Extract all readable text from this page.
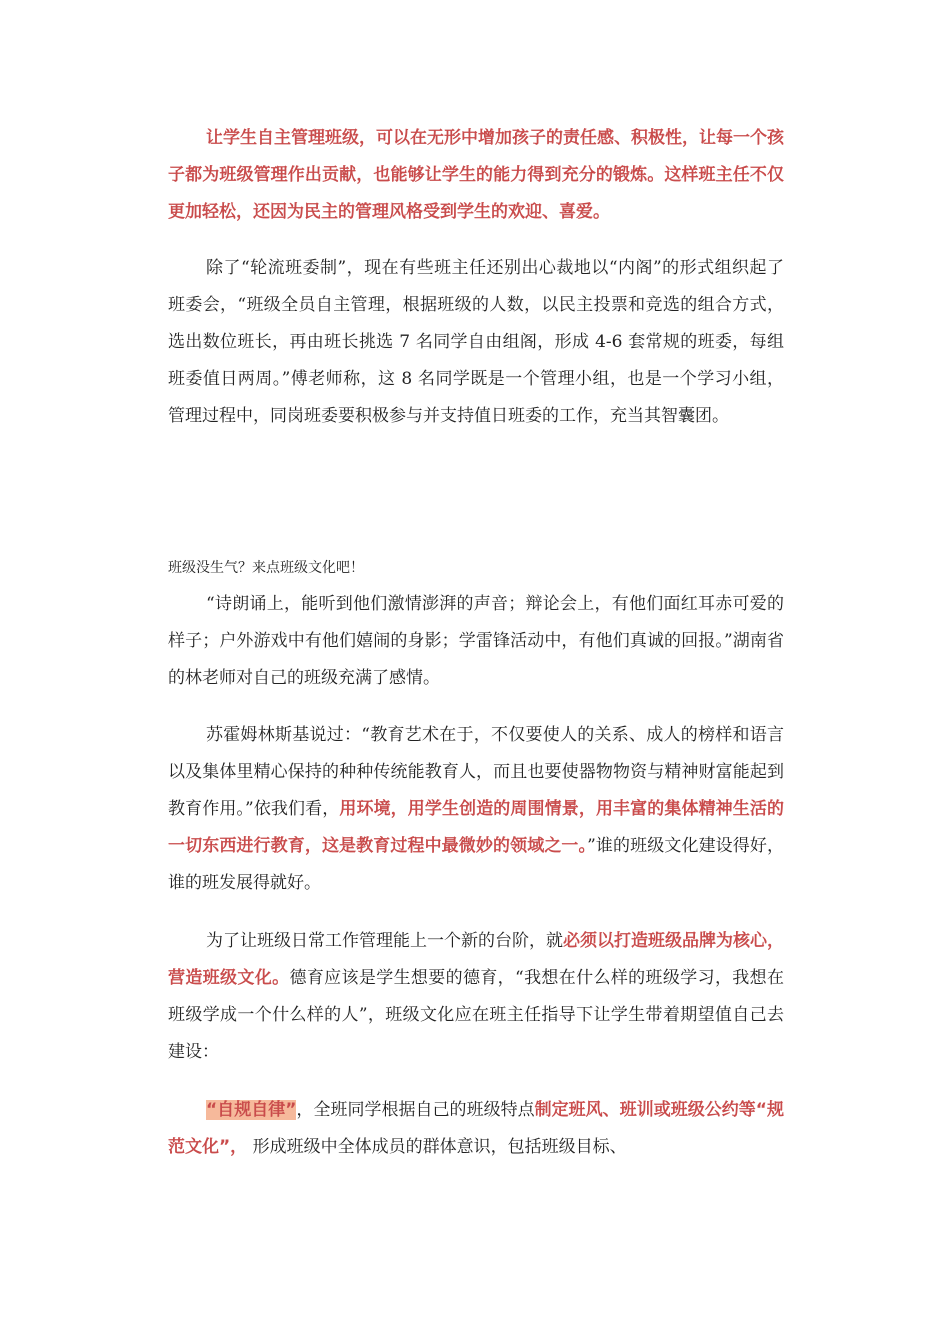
让学生自主管理班级，可以在无形中增加孩子的责任感、积极性，让每一个孩子都为班级管理作出贡献，也能够让学生的能力得到充分的锻炼。这样班主任不仅更加轻松，还因为民主的管理风格受到学生的欢迎、喜爱。

除了“轮流班委制”，现在有些班主任还别出心裁地以“内阁”的形式组织起了班委会，“班级全员自主管理，根据班级的人数，以民主投票和竞选的组合方式，选出数位班长，再由班长挑选 7 名同学自由组阁，形成 4-6 套常规的班委，每组班委值日两周。”傅老师称，这 8 名同学既是一个管理小组，也是一个学习小组，管理过程中，同岗班委要积极参与并支持值日班委的工作，充当其智囊团。

班级没生气？来点班级文化吧！

“诗朗诵上，能听到他们激情澎湃的声音；辩论会上，有他们面红耳赤可爱的样子；户外游戏中有他们嬉闹的身影；学雷锋活动中，有他们真诚的回报。”湖南省的林老师对自己的班级充满了感情。

苏霍姆林斯基说过：“教育艺术在于，不仅要使人的关系、成人的榜样和语言以及集体里精心保持的种种传统能教育人，而且也要使器物物资与精神财富能起到教育作用。”依我们看，用环境，用学生创造的周围情景，用丰富的集体精神生活的一切东西进行教育，这是教育过程中最微妙的领域之一。”谁的班级文化建设得好，谁的班发展得就好。

为了让班级日常工作管理能上一个新的台阶，就必须以打造班级品牌为核心，营造班级文化。德育应该是学生想要的德育，“我想在什么样的班级学习，我想在班级学成一个什么样的人”，班级文化应在班主任指导下让学生带着期望值自己去建设：

“自规自律”，全班同学根据自己的班级特点制定班风、班训或班级公约等“规范文化”， 形成班级中全体成员的群体意识，包括班级目标、
